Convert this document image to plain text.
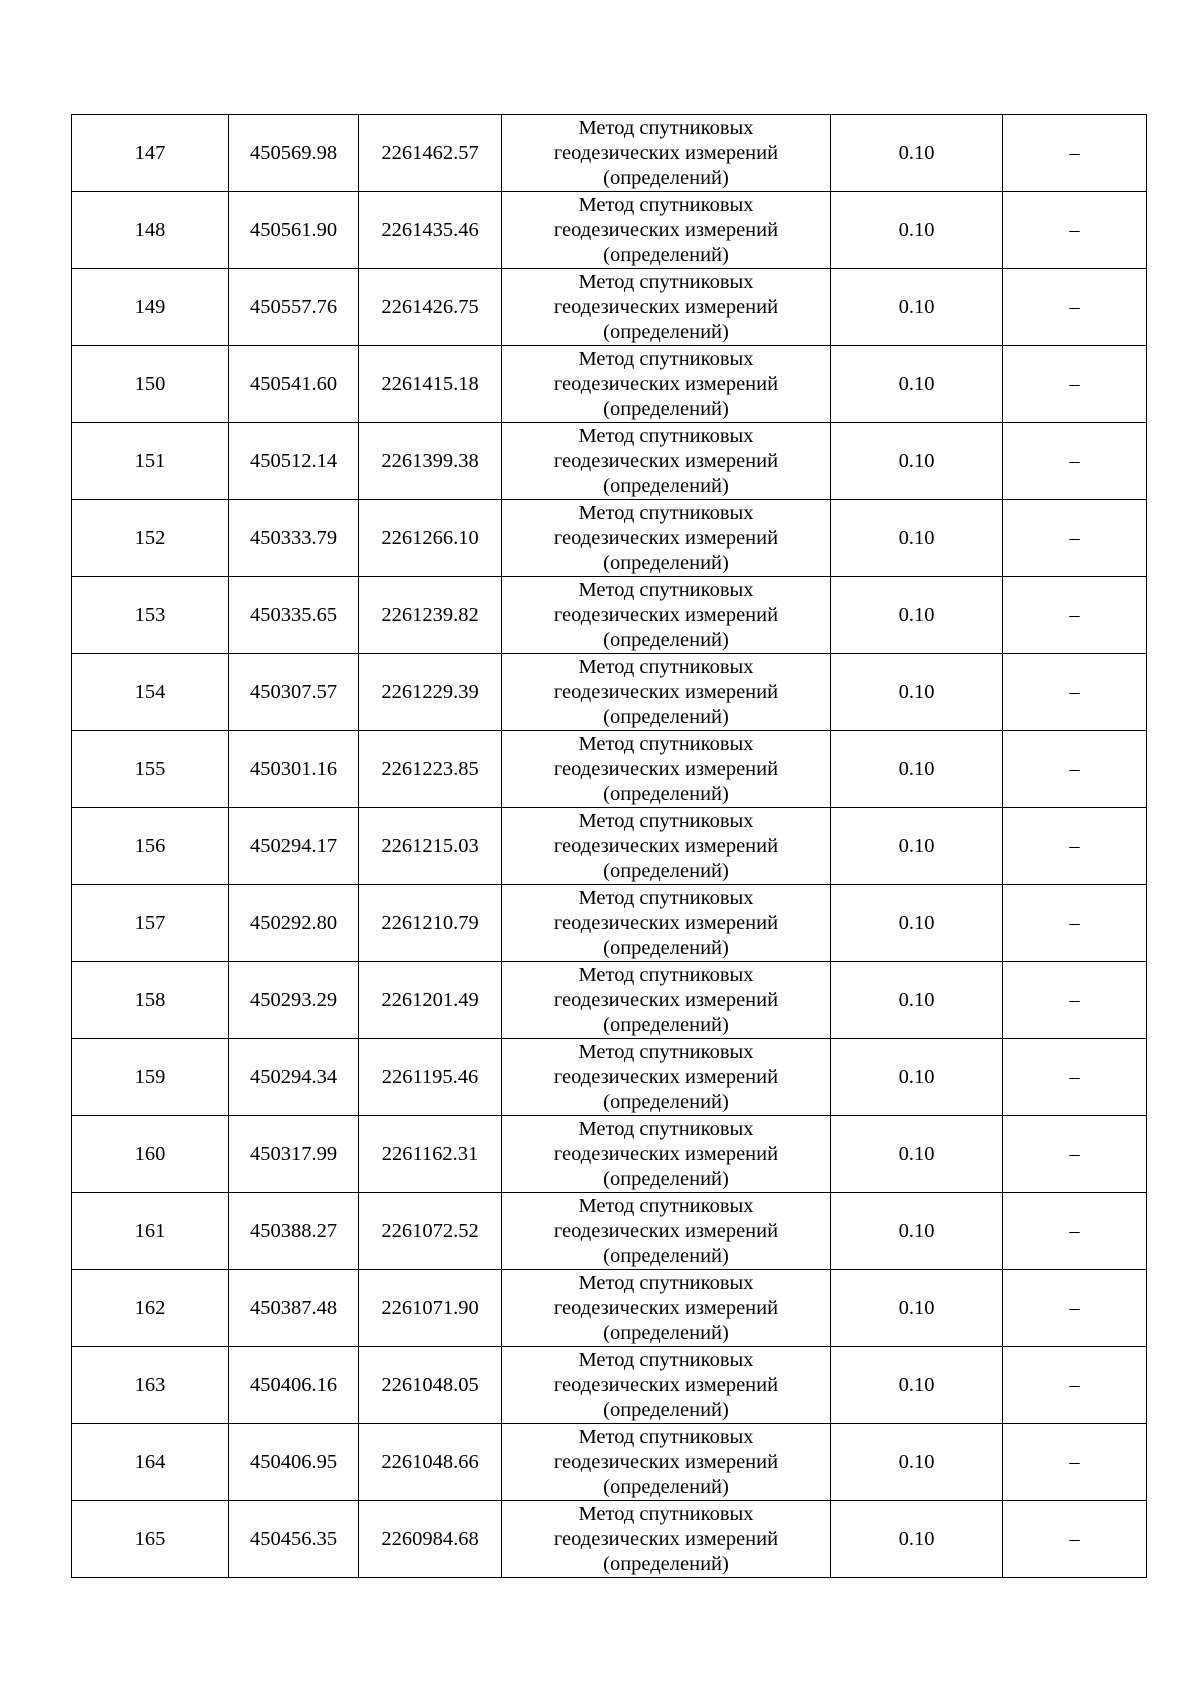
147	450569.98	2261462.57	Метод спутниковых
геодезических измерений
(определений)	0.10	–
148	450561.90	2261435.46	Метод спутниковых
геодезических измерений
(определений)	0.10	–
149	450557.76	2261426.75	Метод спутниковых
геодезических измерений
(определений)	0.10	–
150	450541.60	2261415.18	Метод спутниковых
геодезических измерений
(определений)	0.10	–
151	450512.14	2261399.38	Метод спутниковых
геодезических измерений
(определений)	0.10	–
152	450333.79	2261266.10	Метод спутниковых
геодезических измерений
(определений)	0.10	–
153	450335.65	2261239.82	Метод спутниковых
геодезических измерений
(определений)	0.10	–
154	450307.57	2261229.39	Метод спутниковых
геодезических измерений
(определений)	0.10	–
155	450301.16	2261223.85	Метод спутниковых
геодезических измерений
(определений)	0.10	–
156	450294.17	2261215.03	Метод спутниковых
геодезических измерений
(определений)	0.10	–
157	450292.80	2261210.79	Метод спутниковых
геодезических измерений
(определений)	0.10	–
158	450293.29	2261201.49	Метод спутниковых
геодезических измерений
(определений)	0.10	–
159	450294.34	2261195.46	Метод спутниковых
геодезических измерений
(определений)	0.10	–
160	450317.99	2261162.31	Метод спутниковых
геодезических измерений
(определений)	0.10	–
161	450388.27	2261072.52	Метод спутниковых
геодезических измерений
(определений)	0.10	–
162	450387.48	2261071.90	Метод спутниковых
геодезических измерений
(определений)	0.10	–
163	450406.16	2261048.05	Метод спутниковых
геодезических измерений
(определений)	0.10	–
164	450406.95	2261048.66	Метод спутниковых
геодезических измерений
(определений)	0.10	–
165	450456.35	2260984.68	Метод спутниковых
геодезических измерений
(определений)	0.10	–
